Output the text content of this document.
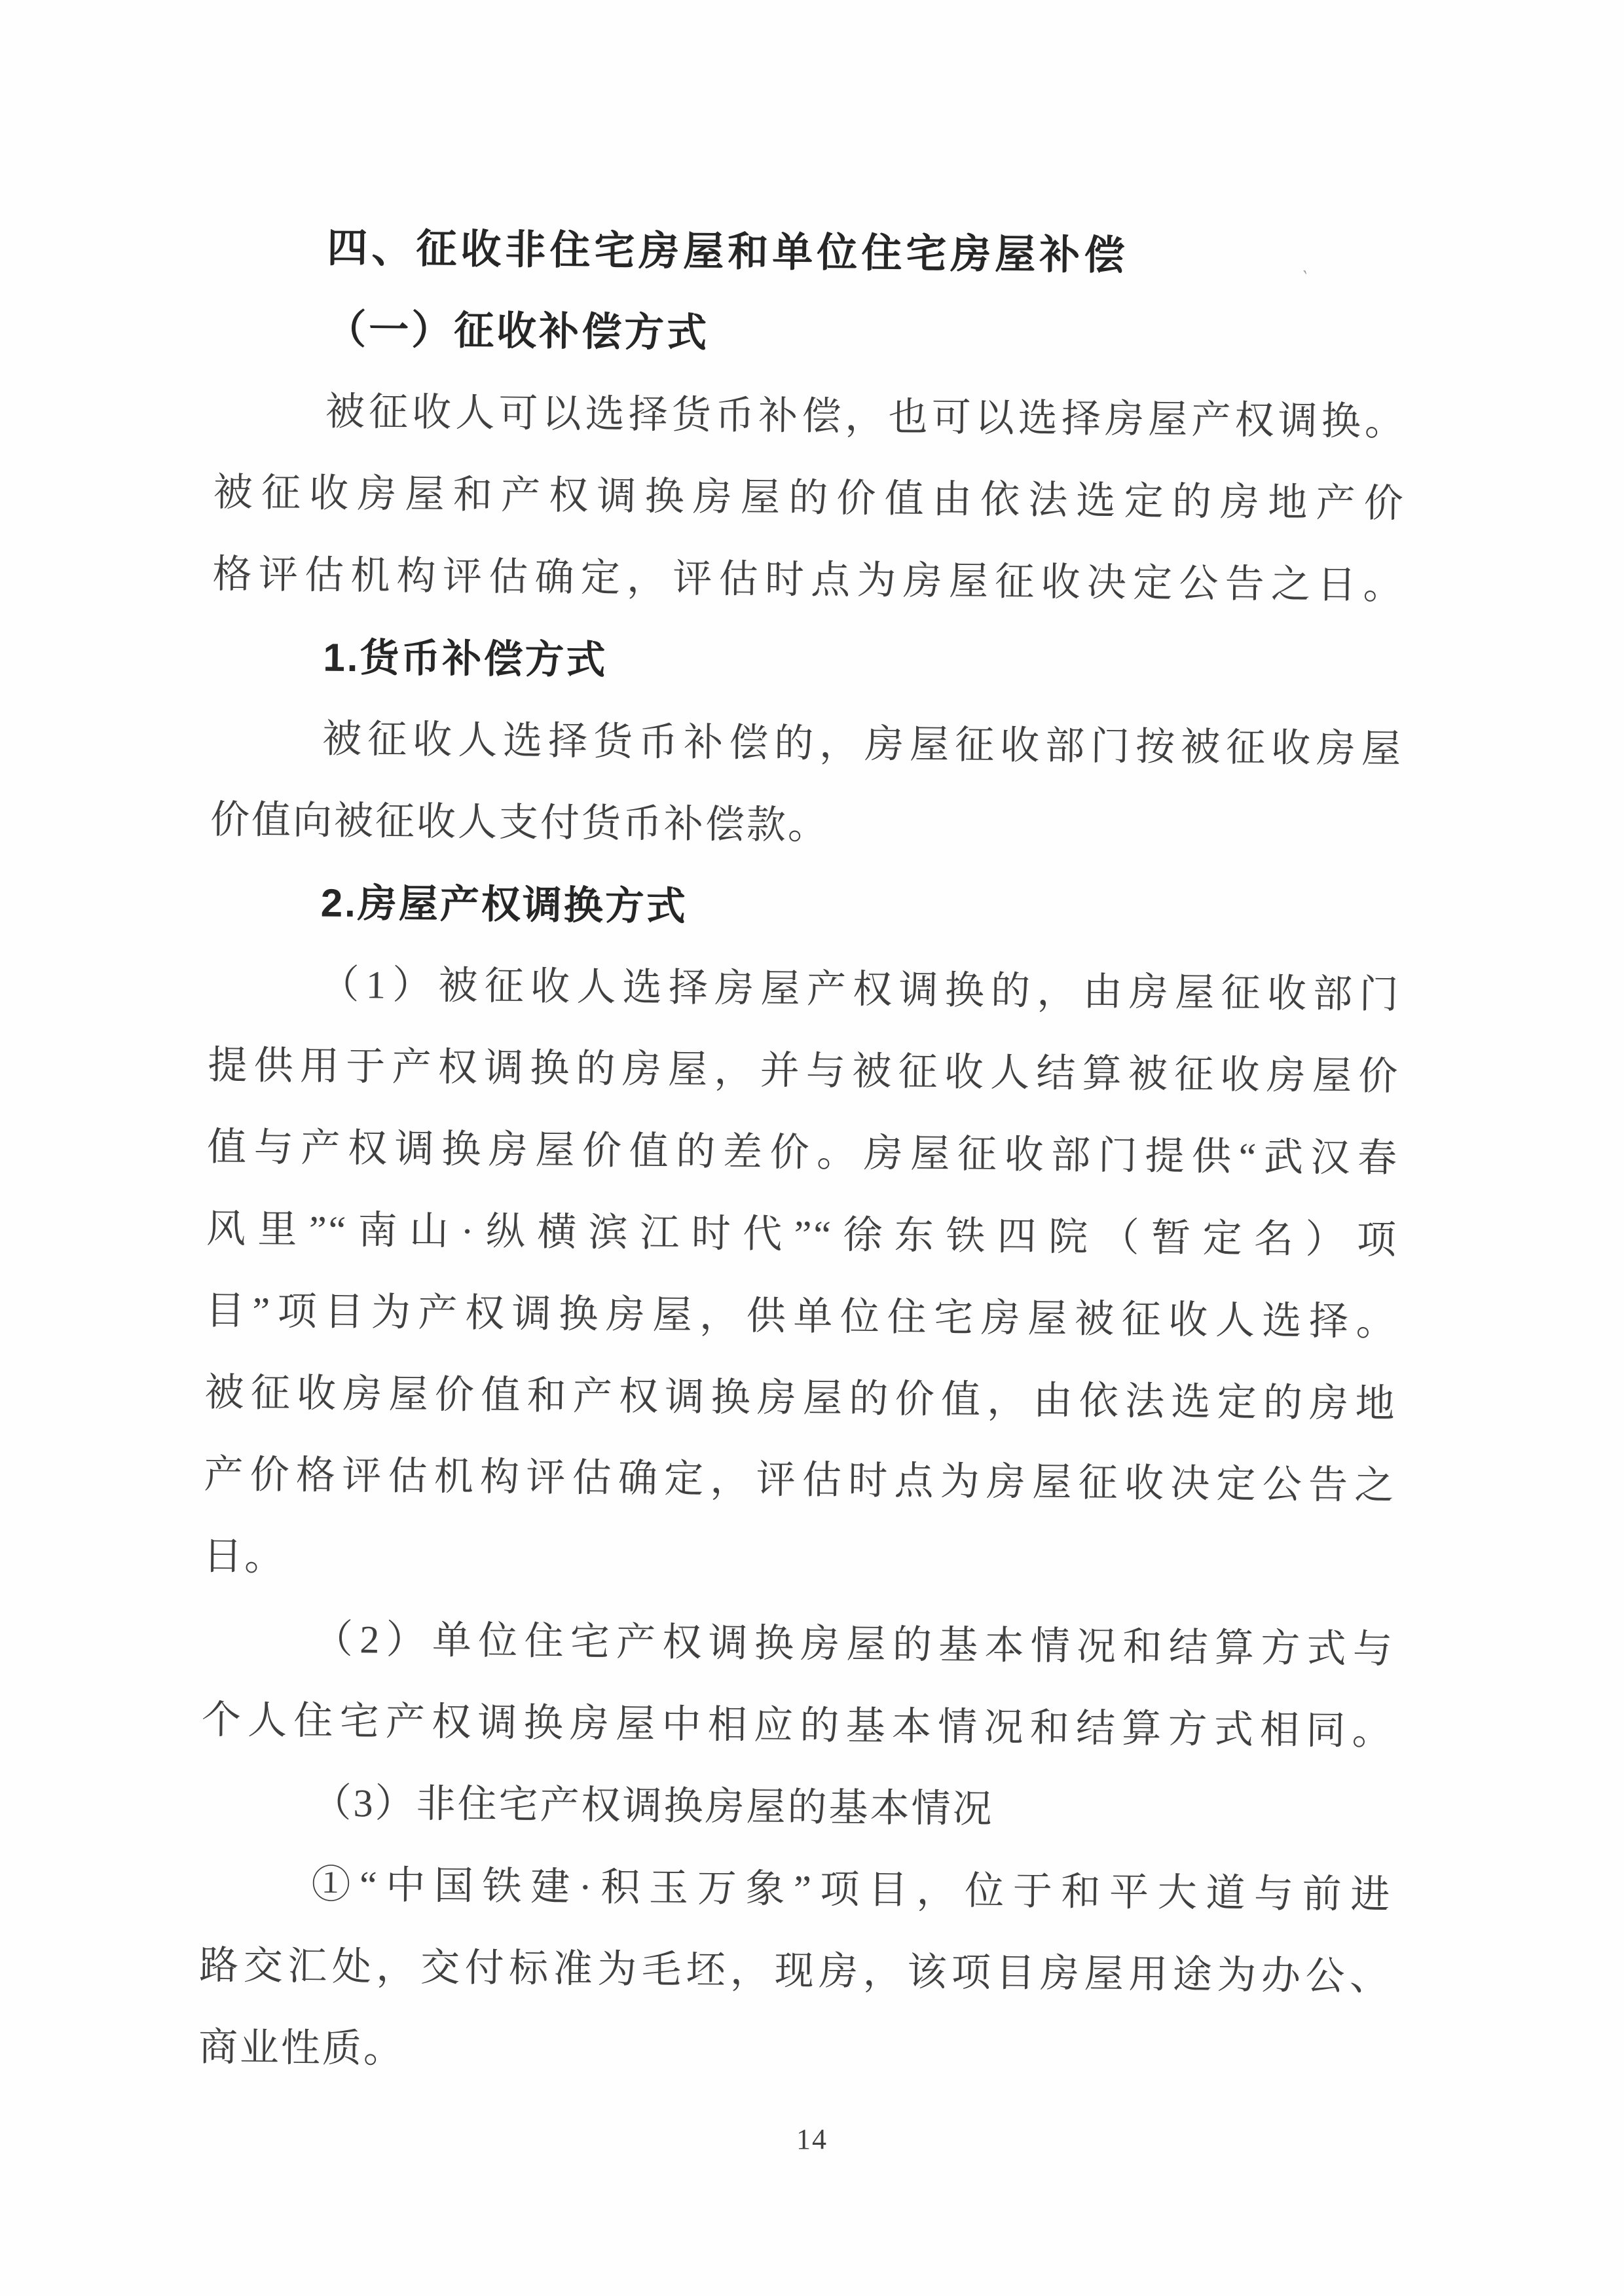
ˋ
四、征收非住宅房屋和单位住宅房屋补偿
（一）征收补偿方式
被征收人可以选择货币补偿，也可以选择房屋产权调换。
被征收房屋和产权调换房屋的价值由依法选定的房地产价
格评估机构评估确定，评估时点为房屋征收决定公告之日。
1.货币补偿方式
被征收人选择货币补偿的，房屋征收部门按被征收房屋
价值向被征收人支付货币补偿款。
2.房屋产权调换方式
（1）被征收人选择房屋产权调换的，由房屋征收部门
提供用于产权调换的房屋，并与被征收人结算被征收房屋价
值与产权调换房屋价值的差价。房屋征收部门提供“武汉春
风里”“南山·纵横滨江时代”“徐东铁四院（暂定名）项
目”项目为产权调换房屋，供单位住宅房屋被征收人选择。
被征收房屋价值和产权调换房屋的价值，由依法选定的房地
产价格评估机构评估确定，评估时点为房屋征收决定公告之
日。
（2）单位住宅产权调换房屋的基本情况和结算方式与
个人住宅产权调换房屋中相应的基本情况和结算方式相同。
（3）非住宅产权调换房屋的基本情况
①“中国铁建·积玉万象”项目，位于和平大道与前进
路交汇处，交付标准为毛坯，现房，该项目房屋用途为办公、
商业性质。
14
